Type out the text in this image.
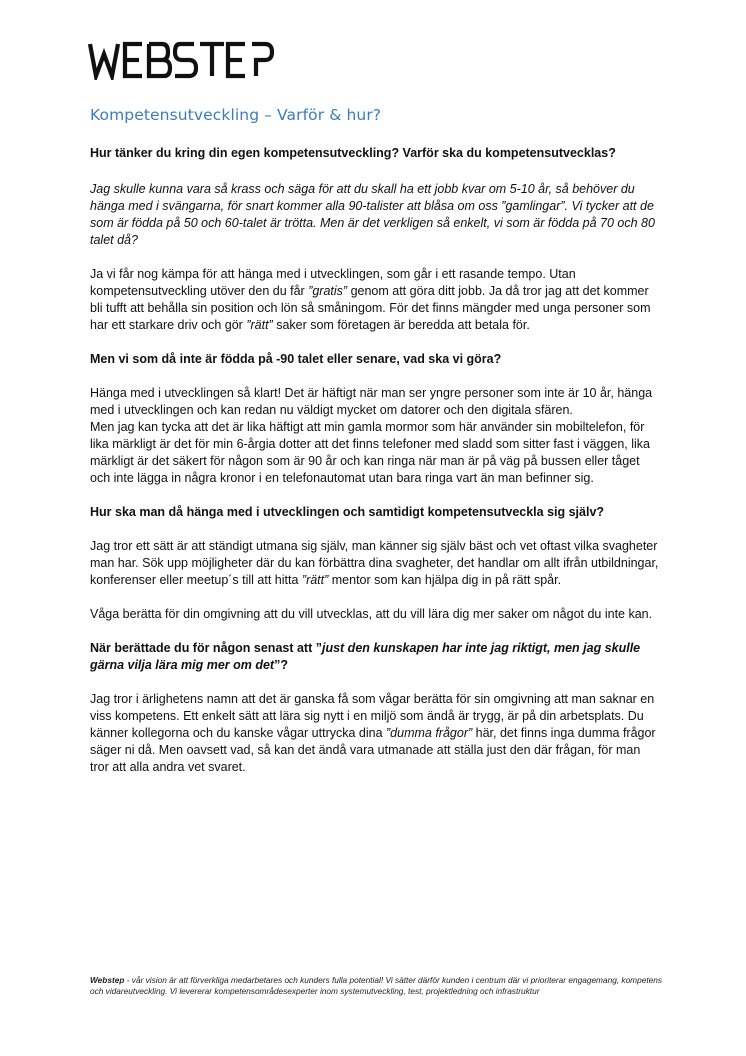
Kompetensutveckling – Varför & hur?

Hur tänker du kring din egen kompetensutveckling? Varför ska du kompetensutvecklas?

Jag skulle kunna vara så krass och säga för att du skall ha ett jobb kvar om 5-10 år, så behöver du hänga med i svängarna, för snart kommer alla 90-talister att blåsa om oss ”gamlingar”. Vi tycker att de som är födda på 50 och 60-talet är trötta. Men är det verkligen så enkelt, vi som är födda på 70 och 80 talet då?

Ja vi får nog kämpa för att hänga med i utvecklingen, som går i ett rasande tempo. Utan kompetensutveckling utöver den du får ”gratis” genom att göra ditt jobb. Ja då tror jag att det kommer bli tufft att behålla sin position och lön så småningom. För det finns mängder med unga personer som har ett starkare driv och gör ”rätt” saker som företagen är beredda att betala för.

Men vi som då inte är födda på -90 talet eller senare, vad ska vi göra?

Hänga med i utvecklingen så klart! Det är häftigt när man ser yngre personer som inte är 10 år, hänga med i utvecklingen och kan redan nu väldigt mycket om datorer och den digitala sfären.

Men jag kan tycka att det är lika häftigt att min gamla mormor som här använder sin mobiltelefon, för lika märkligt är det för min 6-årgia dotter att det finns telefoner med sladd som sitter fast i väggen, lika märkligt är det säkert för någon som är 90 år och kan ringa när man är på väg på bussen eller tåget och inte lägga in några kronor i en telefonautomat utan bara ringa vart än man befinner sig.

Hur ska man då hänga med i utvecklingen och samtidigt kompetensutveckla sig själv?

Jag tror ett sätt är att ständigt utmana sig själv, man känner sig själv bäst och vet oftast vilka svagheter man har. Sök upp möjligheter där du kan förbättra dina svagheter, det handlar om allt ifrån utbildningar, konferenser eller meetup´s till att hitta ”rätt” mentor som kan hjälpa dig in på rätt spår.

Våga berätta för din omgivning att du vill utvecklas, att du vill lära dig mer saker om något du inte kan.

När berättade du för någon senast att ”just den kunskapen har inte jag riktigt, men jag skulle gärna vilja lära mig mer om det”?

Jag tror i ärlighetens namn att det är ganska få som vågar berätta för sin omgivning att man saknar en viss kompetens. Ett enkelt sätt att lära sig nytt i en miljö som ändå är trygg, är på din arbetsplats. Du känner kollegorna och du kanske vågar uttrycka dina ”dumma frågor” här, det finns inga dumma frågor säger ni då. Men oavsett vad, så kan det ändå vara utmanade att ställa just den där frågan, för man tror att alla andra vet svaret.

Webstep - vår vision är att förverkliga medarbetares och kunders fulla potential! Vi sätter därför kunden i centrum där vi prioriterar engagemang, kompetens och vidareutveckling. Vi levererar kompetensområdesexperter inom systemutveckling, test, projektledning och infrastruktur
